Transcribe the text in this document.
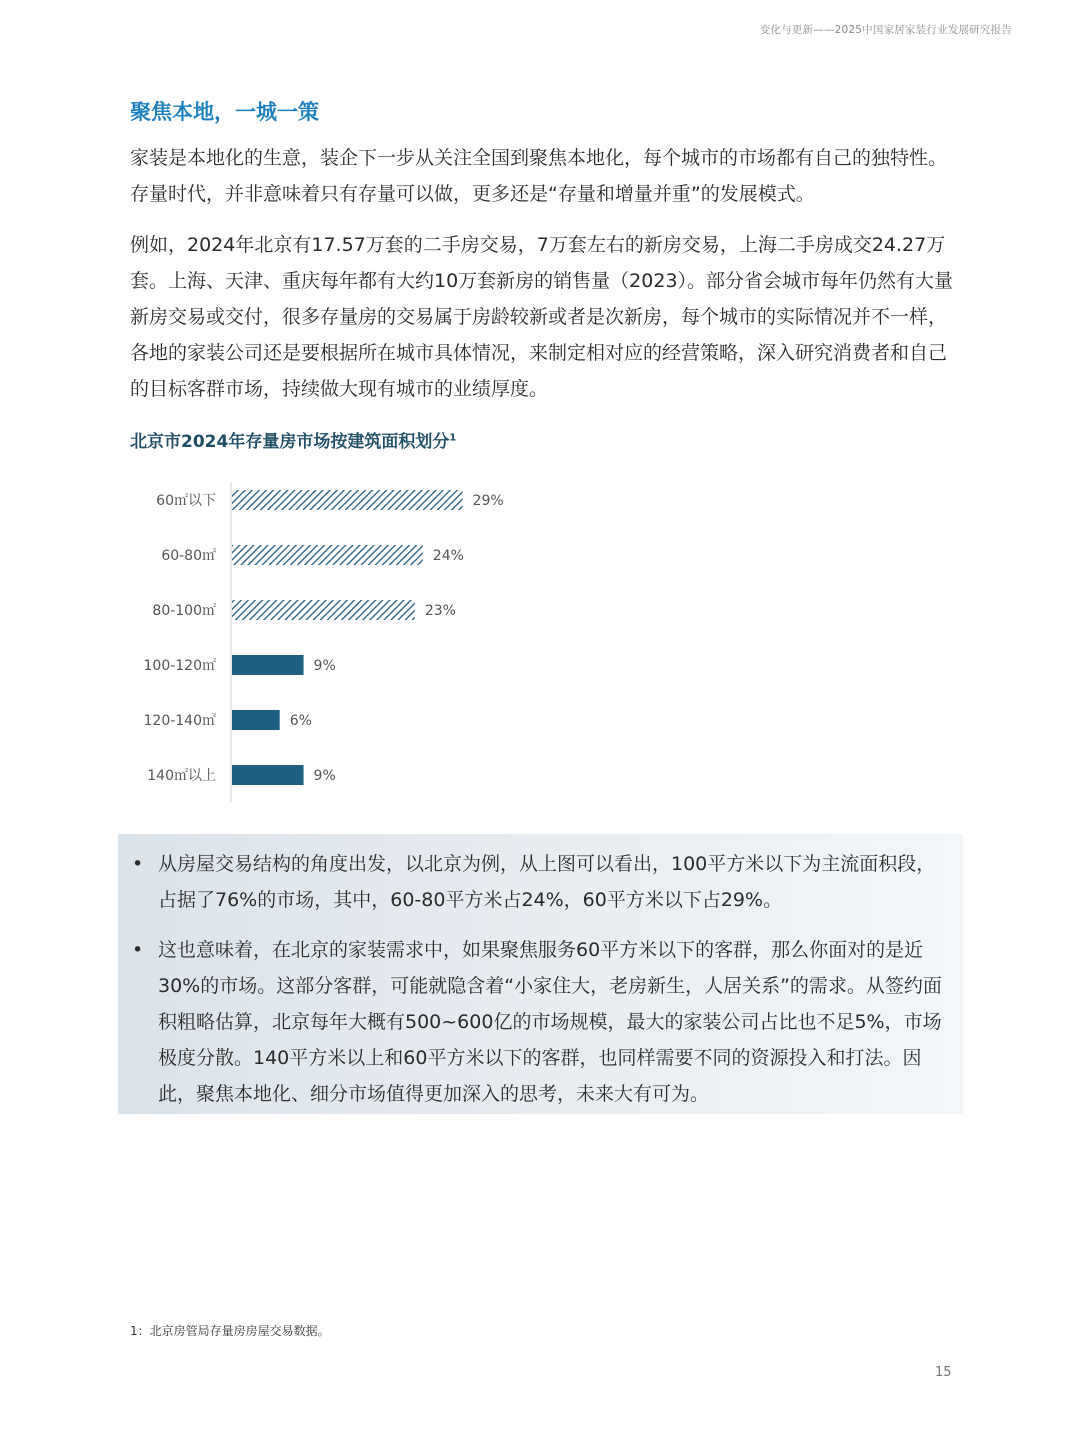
变化与更新——2025中国家居家装行业发展研究报告
聚焦本地，一城一策

家装是本地化的生意，装企下一步从关注全国到聚焦本地化，每个城市的市场都有自己的独特性。存量时代，并非意味着只有存量可以做，更多还是“存量和增量并重”的发展模式。

例如，2024年北京有17.57万套的二手房交易，7万套左右的新房交易，上海二手房成交24.27万套。上海、天津、重庆每年都有大约10万套新房的销售量（2023）。部分省会城市每年仍然有大量新房交易或交付，很多存量房的交易属于房龄较新或者是次新房，每个城市的实际情况并不一样，各地的家装公司还是要根据所在城市具体情况，来制定相对应的经营策略，深入研究消费者和自己的目标客群市场，持续做大现有城市的业绩厚度。

北京市2024年存量房市场按建筑面积划分$^1$
60㎡以下	29%
60-80㎡	24%
80-100㎡	23%
100-120㎡	9%
120-140㎡	6%
140㎡以上	9%
• 从房屋交易结构的角度出发，以北京为例，从上图可以看出，100平方米以下为主流面积段，占据了76%的市场，其中，60-80平方米占24%，60平方米以下占29%。
• 这也意味着，在北京的家装需求中，如果聚焦服务60平方米以下的客群，那么你面对的是近30%的市场。这部分客群，可能就隐含着“小家住大，老房新生，人居关系”的需求。从签约面积粗略估算，北京每年大概有500~600亿的市场规模，最大的家装公司占比也不足5%，市场极度分散。140平方米以上和60平方米以下的客群，也同样需要不同的资源投入和打法。因此，聚焦本地化、细分市场值得更加深入的思考，未来大有可为。
1：北京房管局存量房房屋交易数据。
15
